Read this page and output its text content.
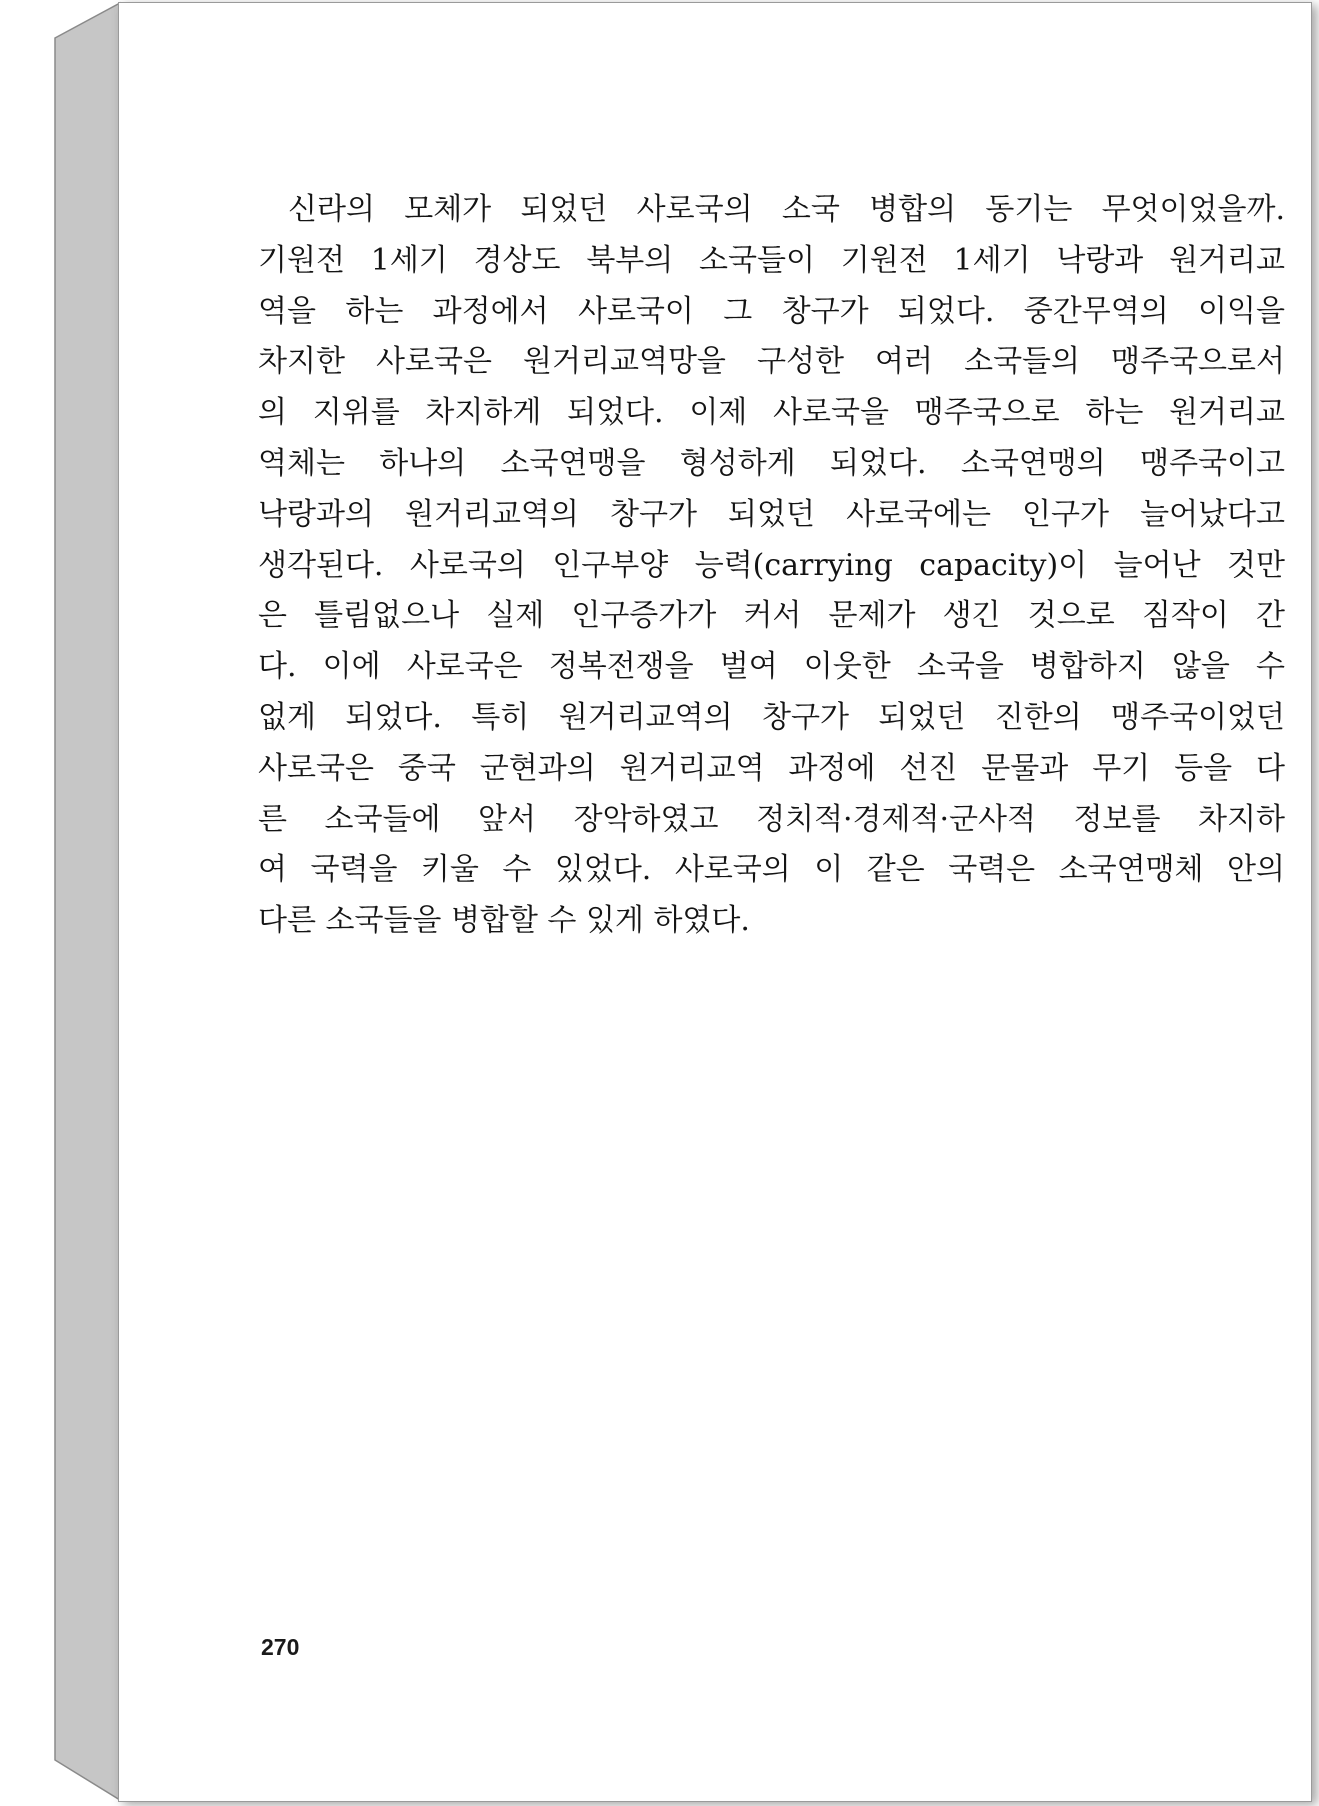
신라의 모체가 되었던 사로국의 소국 병합의 동기는 무엇이었을까.
기원전 1세기 경상도 북부의 소국들이 기원전 1세기 낙랑과 원거리교
역을 하는 과정에서 사로국이 그 창구가 되었다. 중간무역의 이익을
차지한 사로국은 원거리교역망을 구성한 여러 소국들의 맹주국으로서
의 지위를 차지하게 되었다. 이제 사로국을 맹주국으로 하는 원거리교
역체는 하나의 소국연맹을 형성하게 되었다. 소국연맹의 맹주국이고
낙랑과의 원거리교역의 창구가 되었던 사로국에는 인구가 늘어났다고
생각된다. 사로국의 인구부양 능력(carrying capacity)이 늘어난 것만
은 틀림없으나 실제 인구증가가 커서 문제가 생긴 것으로 짐작이 간
다. 이에 사로국은 정복전쟁을 벌여 이웃한 소국을 병합하지 않을 수
없게 되었다. 특히 원거리교역의 창구가 되었던 진한의 맹주국이었던
사로국은 중국 군현과의 원거리교역 과정에 선진 문물과 무기 등을 다
른 소국들에 앞서 장악하였고 정치적·경제적·군사적 정보를 차지하
여 국력을 키울 수 있었다. 사로국의 이 같은 국력은 소국연맹체 안의
다른 소국들을 병합할 수 있게 하였다.

270
